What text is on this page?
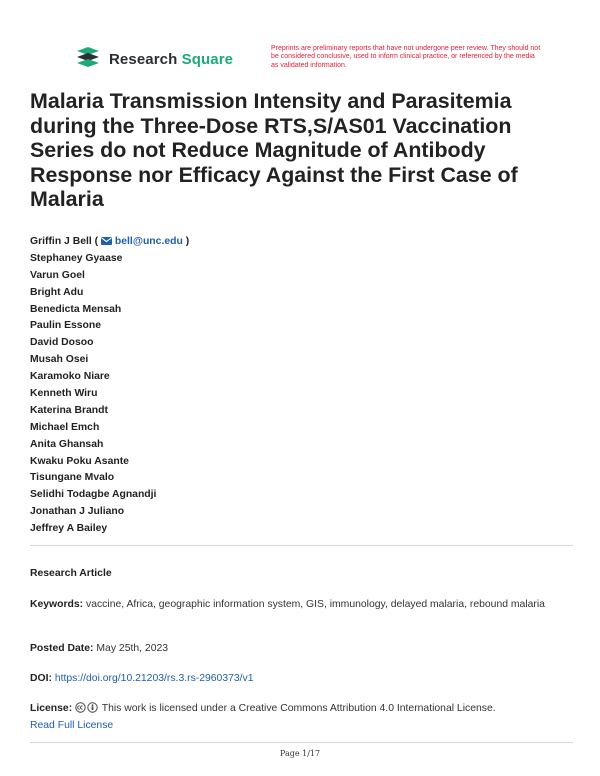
Research Square
Preprints are preliminary reports that have not undergone peer review. They should not be considered conclusive, used to inform clinical practice, or referenced by the media as validated information.
Malaria Transmission Intensity and Parasitemia during the Three-Dose RTS,S/AS01 Vaccination Series do not Reduce Magnitude of Antibody Response nor Efficacy Against the First Case of Malaria
Griffin J Bell ( bell@unc.edu )
Stephaney Gyaase
Varun Goel
Bright Adu
Benedicta Mensah
Paulin Essone
David Dosoo
Musah Osei
Karamoko Niare
Kenneth Wiru
Katerina Brandt
Michael Emch
Anita Ghansah
Kwaku Poku Asante
Tisungane Mvalo
Selidhi Todagbe Agnandji
Jonathan J Juliano
Jeffrey A Bailey
Research Article
Keywords: vaccine, Africa, geographic information system, GIS, immunology, delayed malaria, rebound malaria
Posted Date: May 25th, 2023
DOI: https://doi.org/10.21203/rs.3.rs-2960373/v1
License:	This work is licensed under a Creative Commons Attribution 4.0 International License.
Read Full License
Page 1/17
